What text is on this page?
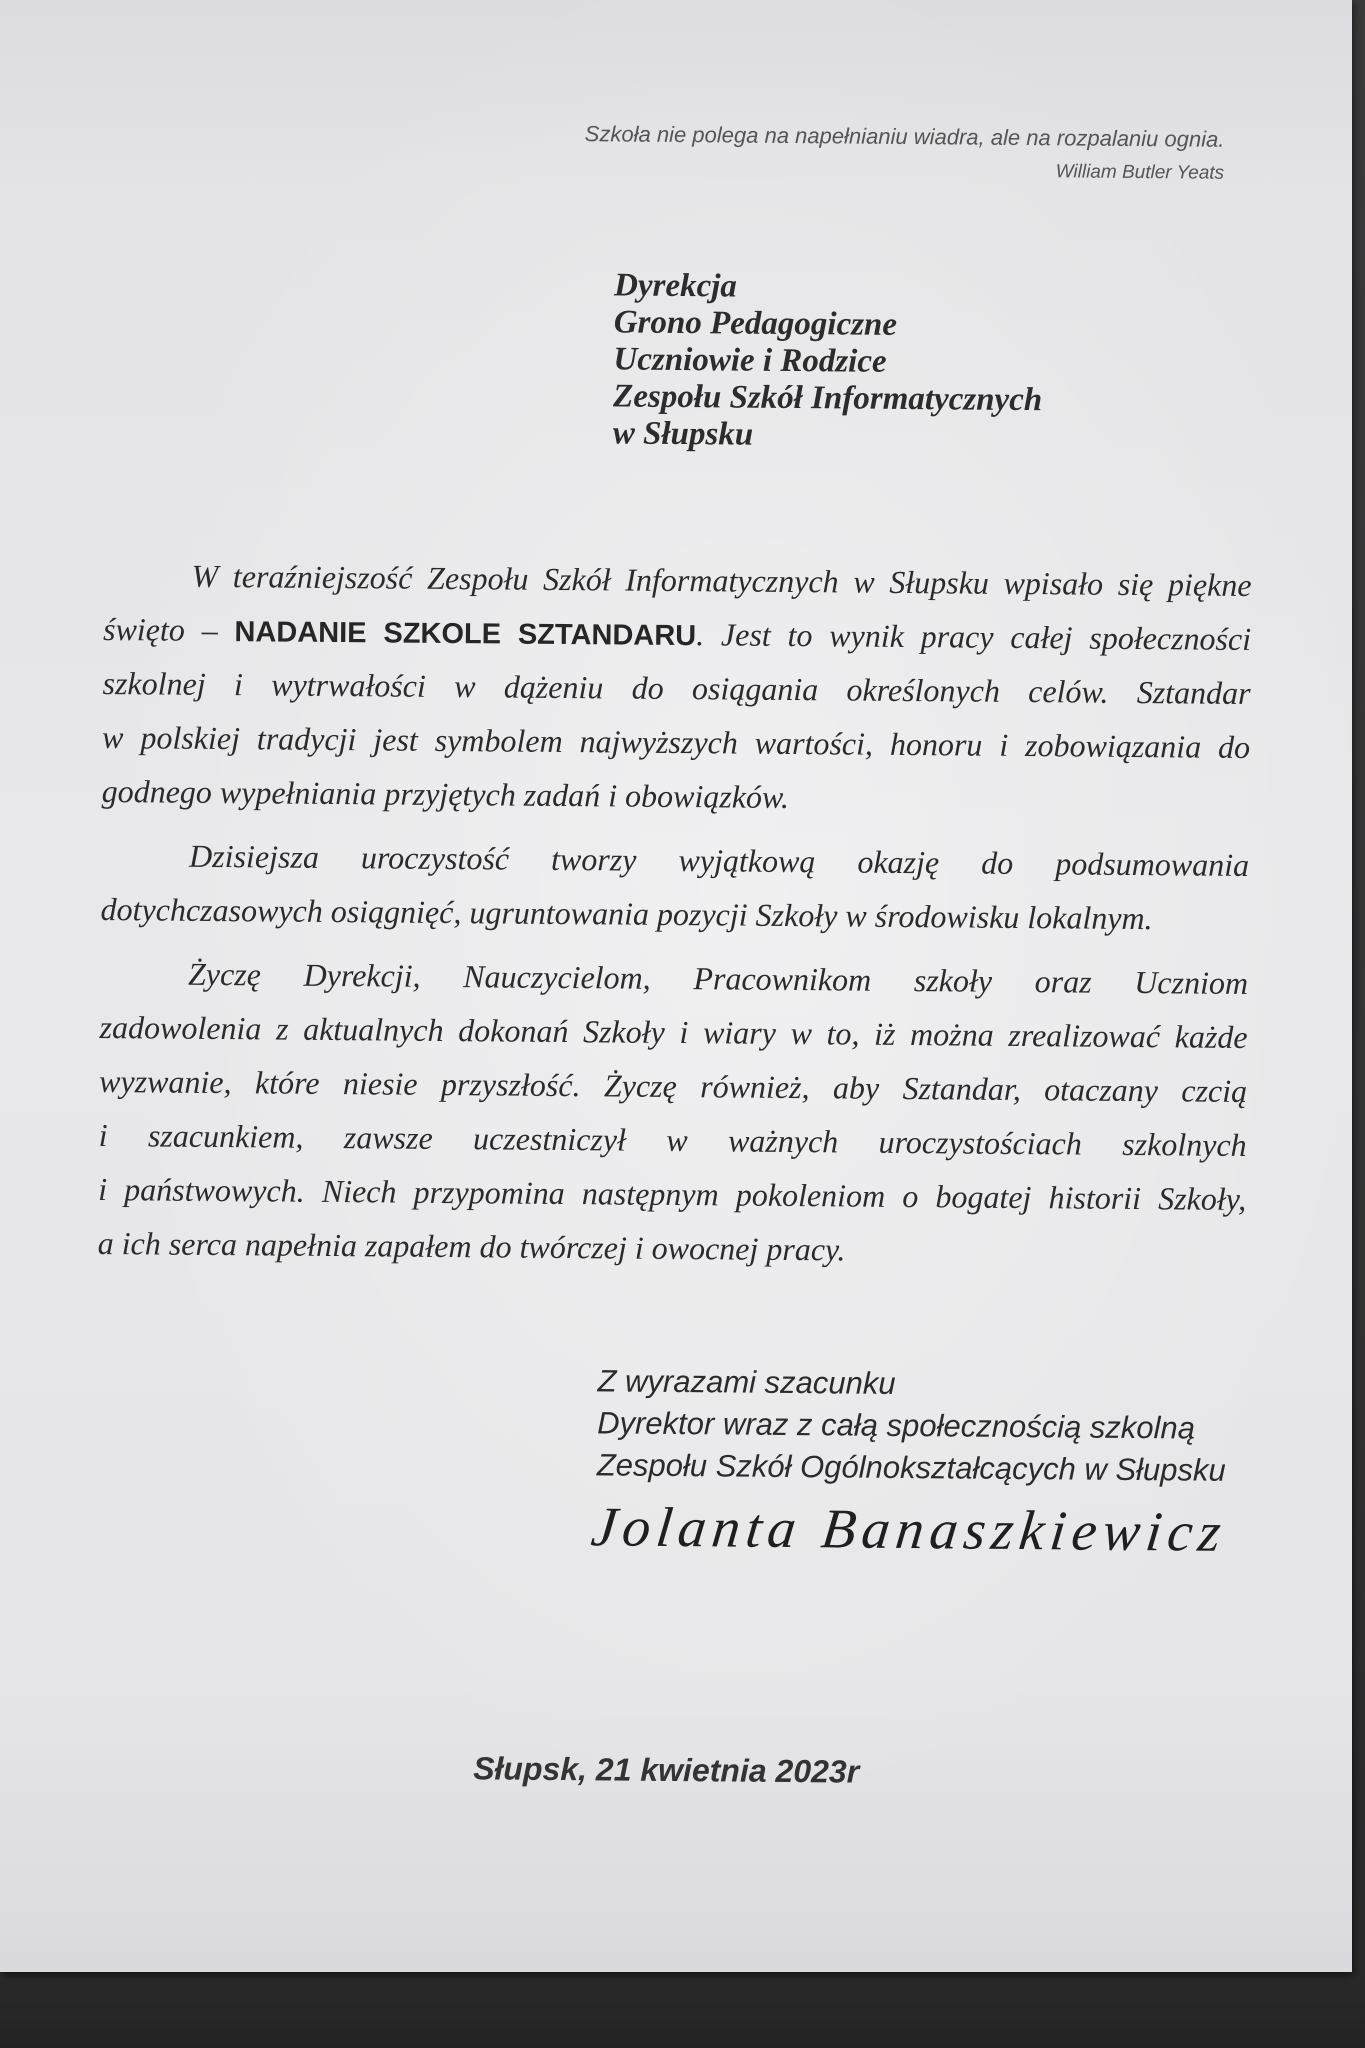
Szkoła nie polega na napełnianiu wiadra, ale na rozpalaniu ognia.
William Butler Yeats
Dyrekcja
Grono Pedagogiczne
Uczniowie i Rodzice
Zespołu Szkół Informatycznych
w Słupsku
W teraźniejszość Zespołu Szkół Informatycznych w Słupsku wpisało się piękne
święto – NADANIE SZKOLE SZTANDARU. Jest to wynik pracy całej społeczności
szkolnej i wytrwałości w dążeniu do osiągania określonych celów. Sztandar
w polskiej tradycji jest symbolem najwyższych wartości, honoru i zobowiązania do
godnego wypełniania przyjętych zadań i obowiązków.
Dzisiejsza uroczystość tworzy wyjątkową okazję do podsumowania
dotychczasowych osiągnięć, ugruntowania pozycji Szkoły w środowisku lokalnym.
Życzę Dyrekcji, Nauczycielom, Pracownikom szkoły oraz Uczniom
zadowolenia z aktualnych dokonań Szkoły i wiary w to, iż można zrealizować każde
wyzwanie, które niesie przyszłość. Życzę również, aby Sztandar, otaczany czcią
i szacunkiem, zawsze uczestniczył w ważnych uroczystościach szkolnych
i państwowych. Niech przypomina następnym pokoleniom o bogatej historii Szkoły,
a ich serca napełnia zapałem do twórczej i owocnej pracy.
Z wyrazami szacunku
Dyrektor wraz z całą społecznością szkolną
Zespołu Szkół Ogólnokształcących w Słupsku
Jolanta Banaszkiewicz
Słupsk, 21 kwietnia 2023r
